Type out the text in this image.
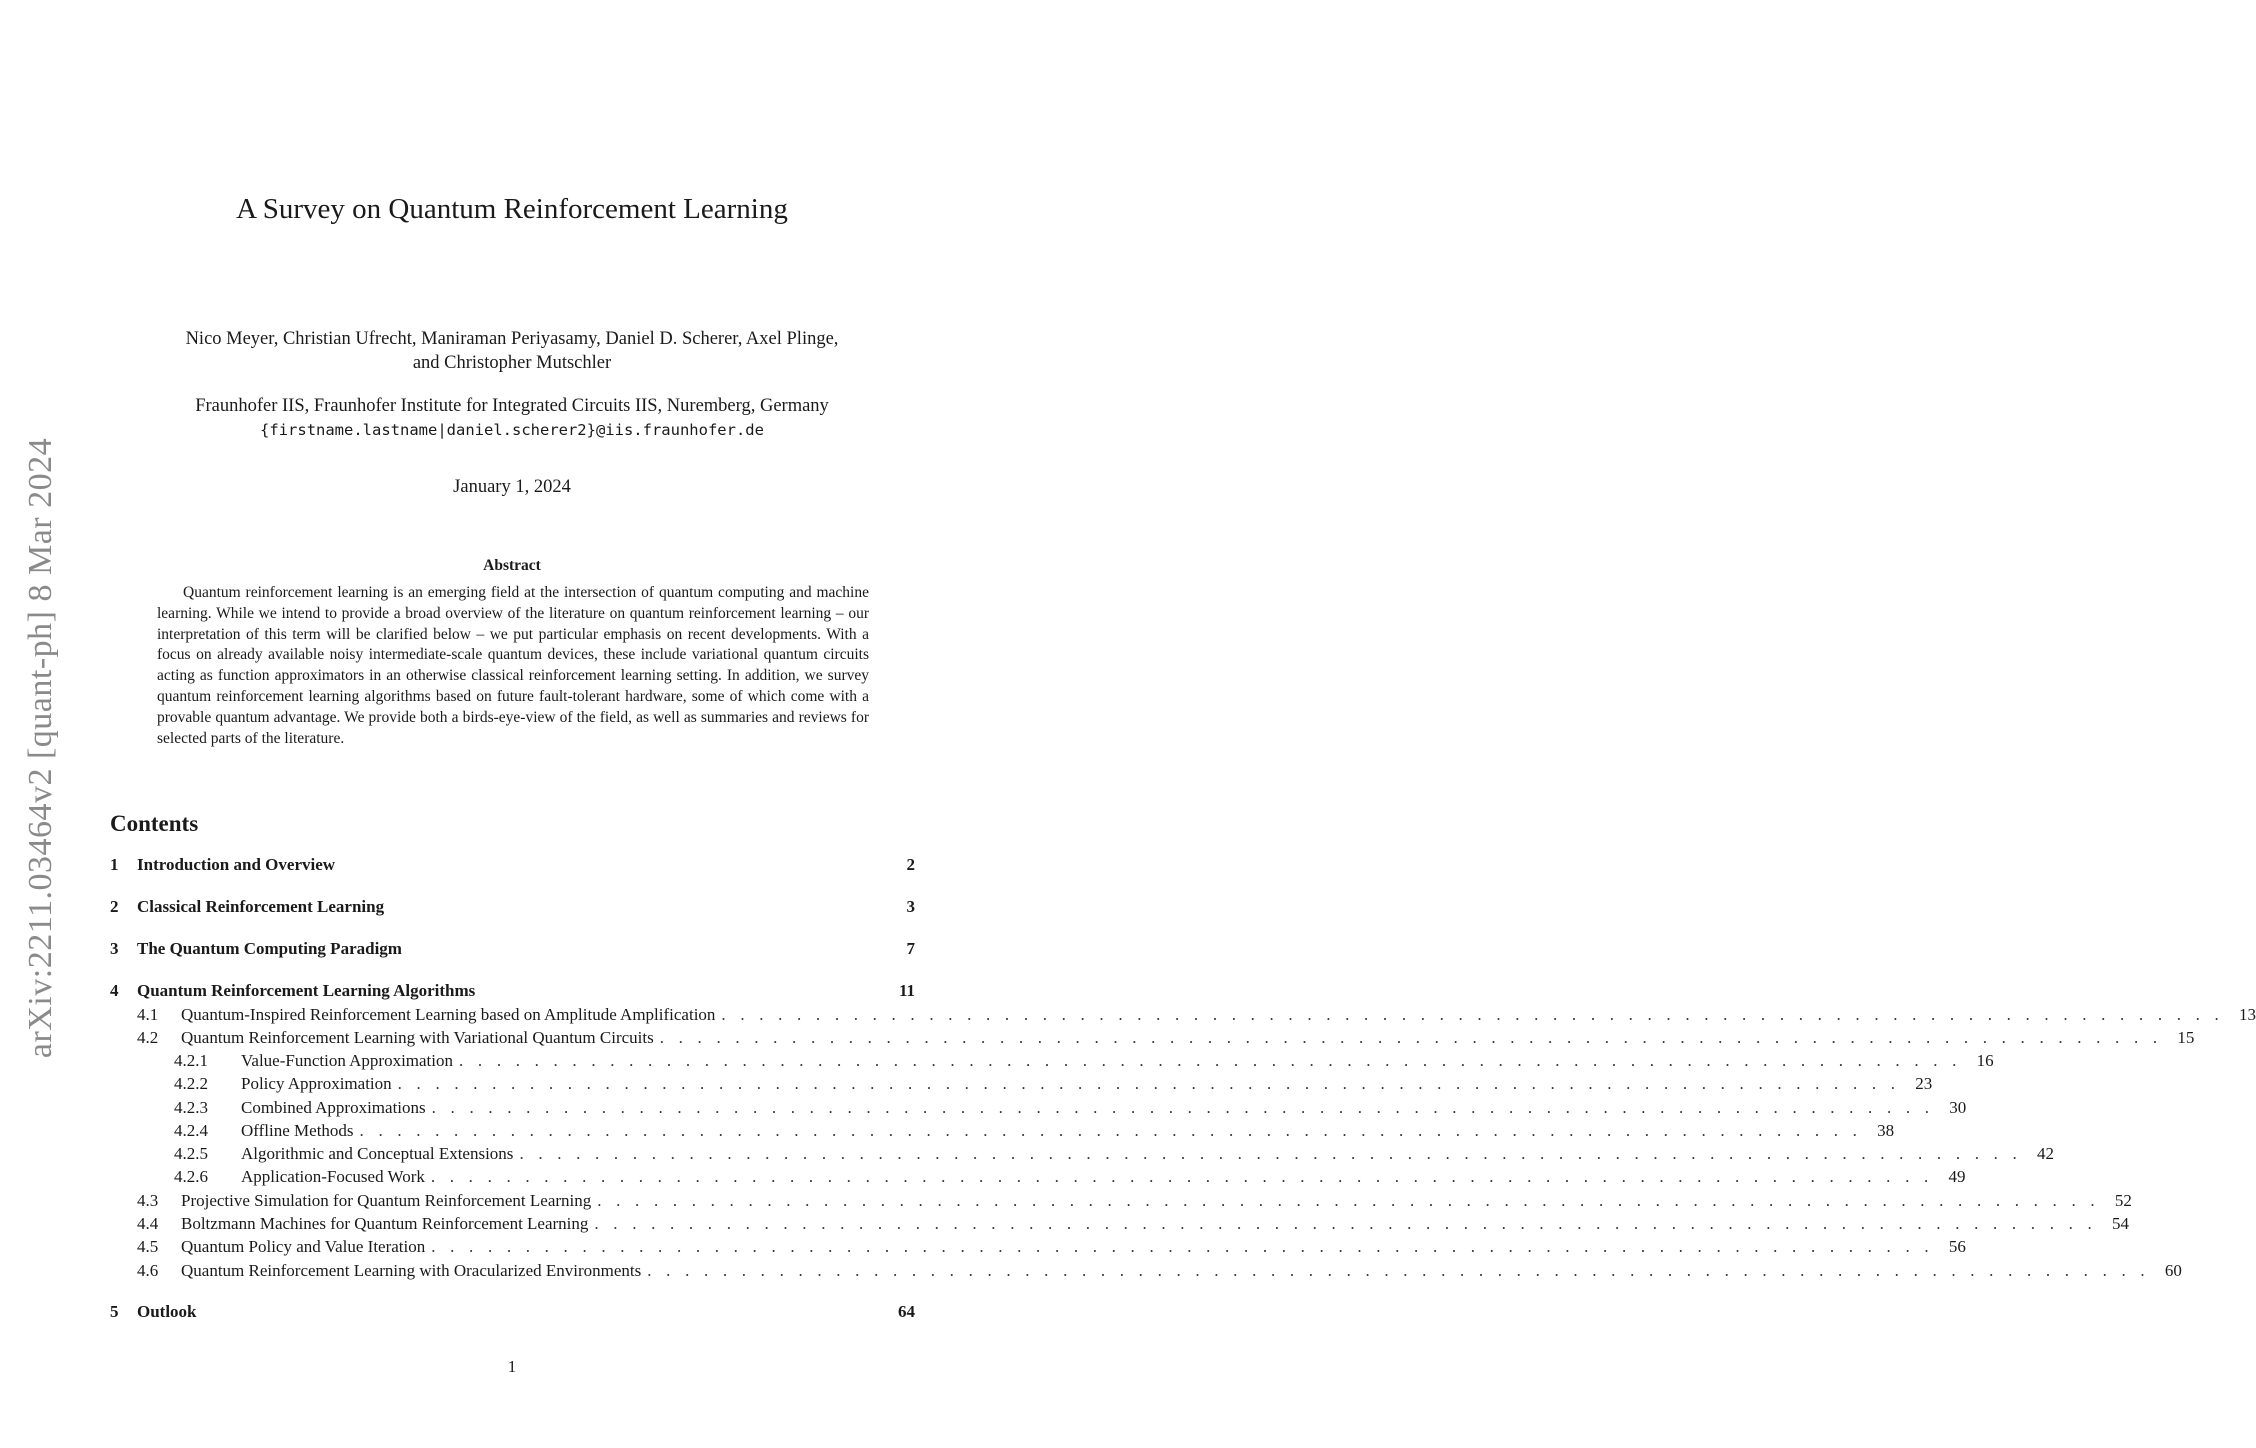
arXiv:2211.03464v2 [quant-ph] 8 Mar 2024
A Survey on Quantum Reinforcement Learning
Nico Meyer, Christian Ufrecht, Maniraman Periyasamy, Daniel D. Scherer, Axel Plinge,
and Christopher Mutschler
Fraunhofer IIS, Fraunhofer Institute for Integrated Circuits IIS, Nuremberg, Germany
{firstname.lastname|daniel.scherer2}@iis.fraunhofer.de
January 1, 2024
Abstract

Quantum reinforcement learning is an emerging field at the intersection of quantum computing and machine learning. While we intend to provide a broad overview of the literature on quantum reinforcement learning – our interpretation of this term will be clarified below – we put particular emphasis on recent developments. With a focus on already available noisy intermediate-scale quantum devices, these include variational quantum circuits acting as function approximators in an otherwise classical reinforcement learning setting. In addition, we survey quantum reinforcement learning algorithms based on future fault-tolerant hardware, some of which come with a provable quantum advantage. We provide both a birds-eye-view of the field, as well as summaries and reviews for selected parts of the literature.

Contents
1	Introduction and Overview	2
2	Classical Reinforcement Learning	3
3	The Quantum Computing Paradigm	7
4	Quantum Reinforcement Learning Algorithms	11
4.1	Quantum-Inspired Reinforcement Learning based on Amplitude Amplification . . . . . . . . . . . . . . . . . . . . . . . . . . . . . . . . . . . . . . . . . . . . . . . . . . . . . . . . . . . . . . . . . . . . . . . . . . . . . . . . 13
4.2	Quantum Reinforcement Learning with Variational Quantum Circuits . . . . . . . . . . . . . . . . . . . . . . . . . . . . . . . . . . . . . . . . . . . . . . . . . . . . . . . . . . . . . . . . . . . . . . . . . . . . . . . . 15
4.2.1	Value-Function Approximation . . . . . . . . . . . . . . . . . . . . . . . . . . . . . . . . . . . . . . . . . . . . . . . . . . . . . . . . . . . . . . . . . . . . . . . . . . . . . . . . 16
4.2.2	Policy Approximation . . . . . . . . . . . . . . . . . . . . . . . . . . . . . . . . . . . . . . . . . . . . . . . . . . . . . . . . . . . . . . . . . . . . . . . . . . . . . . . . 23
4.2.3	Combined Approximations . . . . . . . . . . . . . . . . . . . . . . . . . . . . . . . . . . . . . . . . . . . . . . . . . . . . . . . . . . . . . . . . . . . . . . . . . . . . . . . . 30
4.2.4	Offline Methods . . . . . . . . . . . . . . . . . . . . . . . . . . . . . . . . . . . . . . . . . . . . . . . . . . . . . . . . . . . . . . . . . . . . . . . . . . . . . . . . 38
4.2.5	Algorithmic and Conceptual Extensions . . . . . . . . . . . . . . . . . . . . . . . . . . . . . . . . . . . . . . . . . . . . . . . . . . . . . . . . . . . . . . . . . . . . . . . . . . . . . . . . 42
4.2.6	Application-Focused Work . . . . . . . . . . . . . . . . . . . . . . . . . . . . . . . . . . . . . . . . . . . . . . . . . . . . . . . . . . . . . . . . . . . . . . . . . . . . . . . . 49
4.3	Projective Simulation for Quantum Reinforcement Learning . . . . . . . . . . . . . . . . . . . . . . . . . . . . . . . . . . . . . . . . . . . . . . . . . . . . . . . . . . . . . . . . . . . . . . . . . . . . . . . . 52
4.4	Boltzmann Machines for Quantum Reinforcement Learning . . . . . . . . . . . . . . . . . . . . . . . . . . . . . . . . . . . . . . . . . . . . . . . . . . . . . . . . . . . . . . . . . . . . . . . . . . . . . . . . 54
4.5	Quantum Policy and Value Iteration . . . . . . . . . . . . . . . . . . . . . . . . . . . . . . . . . . . . . . . . . . . . . . . . . . . . . . . . . . . . . . . . . . . . . . . . . . . . . . . . 56
4.6	Quantum Reinforcement Learning with Oracularized Environments . . . . . . . . . . . . . . . . . . . . . . . . . . . . . . . . . . . . . . . . . . . . . . . . . . . . . . . . . . . . . . . . . . . . . . . . . . . . . . . . 60
5	Outlook	64
1
